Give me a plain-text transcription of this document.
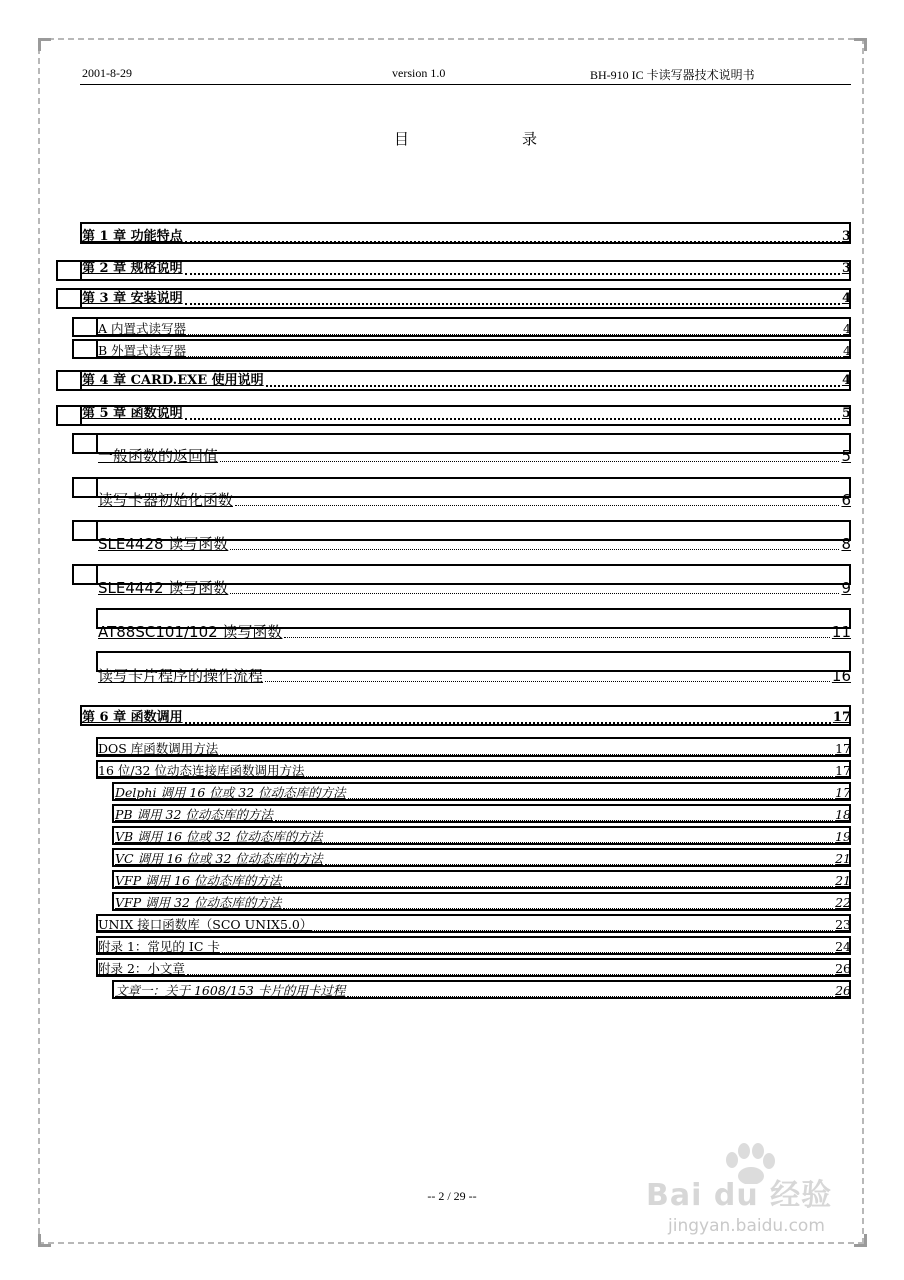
2001-8-29	version 1.0	BH-910 IC 卡读写器技术说明书
目	录
第 1 章 功能特点	3
第 2 章 规格说明	3
第 3 章 安装说明	4
A 内置式读写器	4
B 外置式读写器	4
第 4 章 CARD.EXE 使用说明	4
第 5 章 函数说明	5
一般函数的返回值	5
读写卡器初始化函数	6
SLE4428 读写函数	8
SLE4442 读写函数	9
AT88SC101/102 读写函数	11
读写卡片程序的操作流程	16
第 6 章 函数调用	17
DOS 库函数调用方法	17
16 位/32 位动态连接库函数调用方法	17
Delphi 调用 16 位或 32 位动态库的方法	17
PB 调用 32 位动态库的方法	18
VB 调用 16 位或 32 位动态库的方法	19
VC 调用 16 位或 32 位动态库的方法	21
VFP 调用 16 位动态库的方法	21
VFP 调用 32 位动态库的方法	22
UNIX 接口函数库（SCO UNIX5.0）	23
附录 1：常见的 IC 卡	24
附录 2：小文章	26
文章一：关于 1608/153 卡片的用卡过程	26
-- 2 / 29 --	Bai du 经验
jingyan.baidu.com
